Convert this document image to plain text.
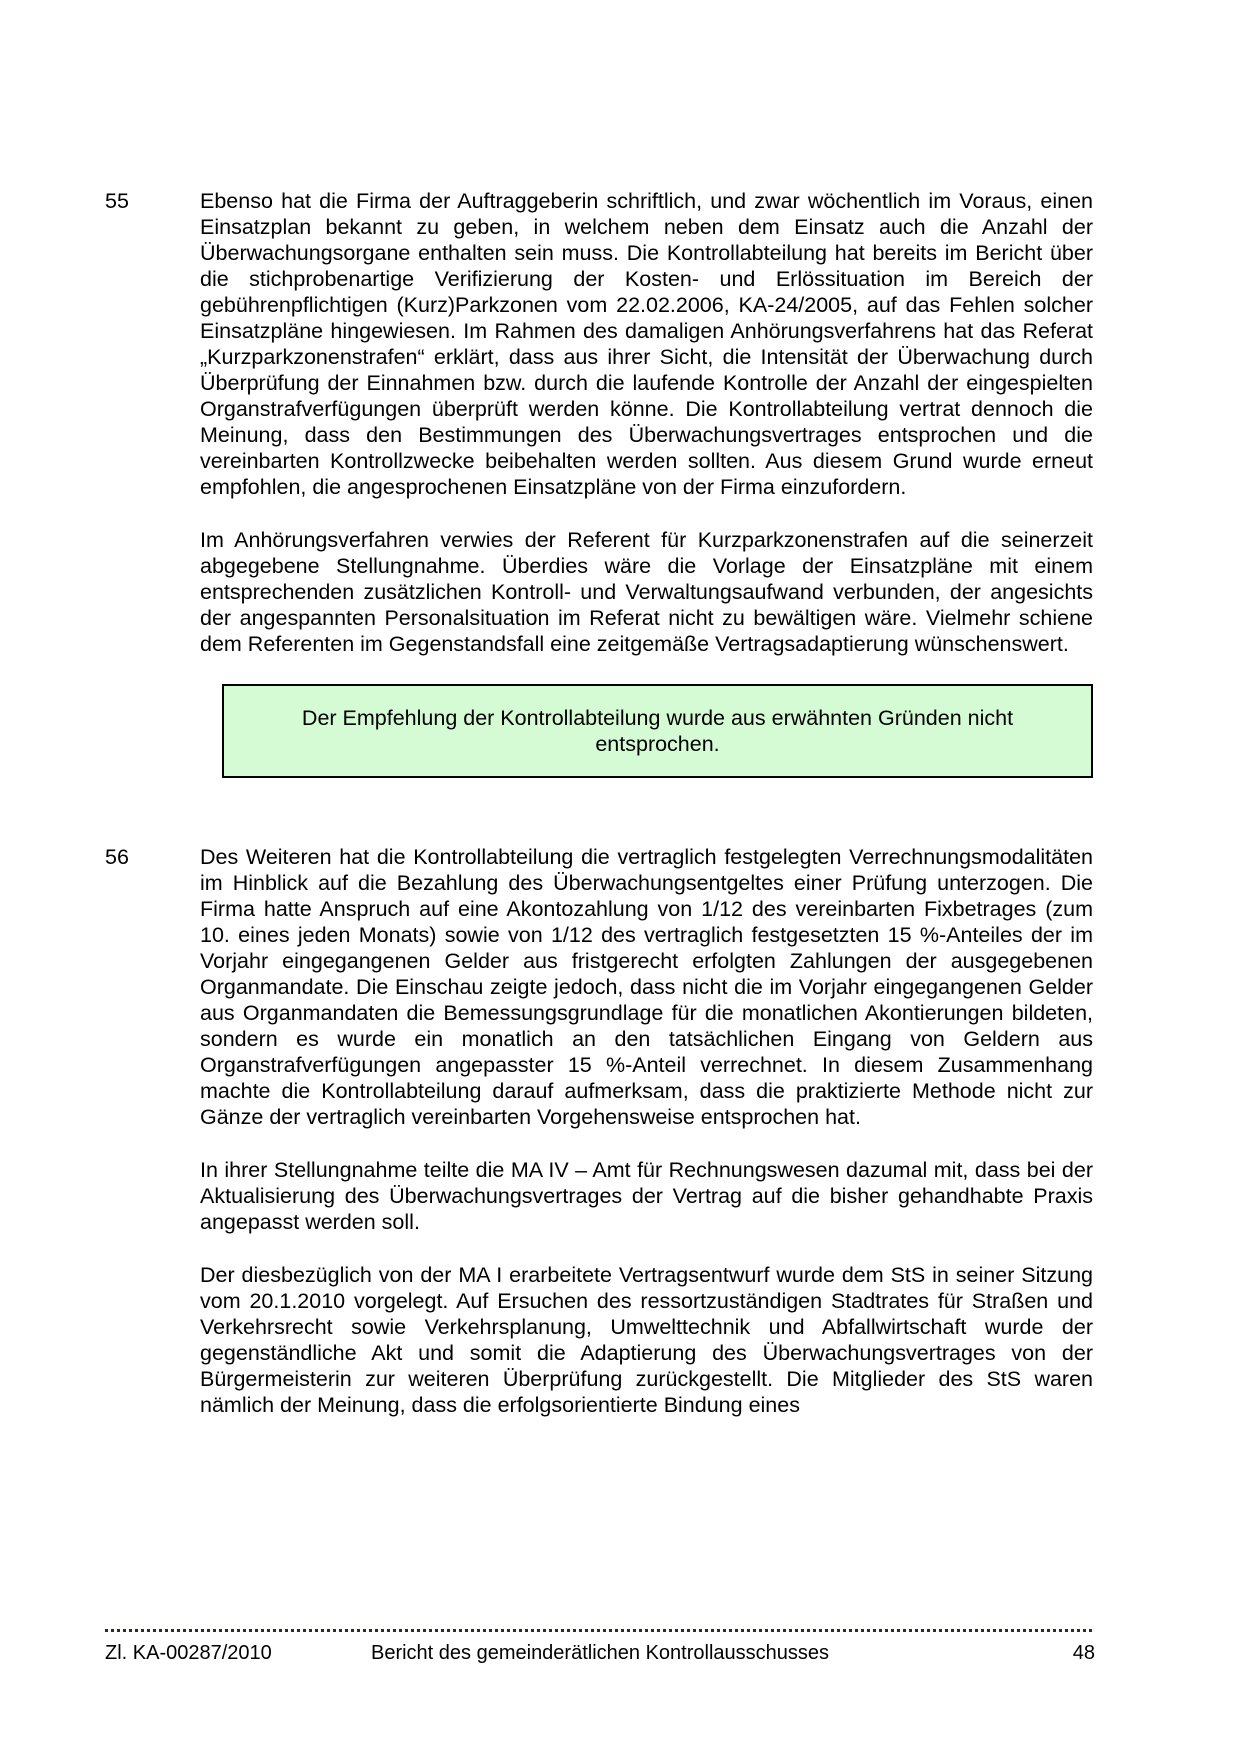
55	Ebenso hat die Firma der Auftraggeberin schriftlich, und zwar wöchentlich im Voraus, einen Einsatzplan bekannt zu geben, in welchem neben dem Einsatz auch die Anzahl der Überwachungsorgane enthalten sein muss. Die Kontrollabteilung hat bereits im Bericht über die stichprobenartige Verifizierung der Kosten- und Erlössituation im Bereich der gebührenpflichtigen (Kurz)Parkzonen vom 22.02.2006, KA-24/2005, auf das Fehlen solcher Einsatzpläne hingewiesen. Im Rahmen des damaligen Anhörungsverfahrens hat das Referat „Kurzparkzonenstrafen“ erklärt, dass aus ihrer Sicht, die Intensität der Überwachung durch Überprüfung der Einnahmen bzw. durch die laufende Kontrolle der Anzahl der eingespielten Organstrafverfügungen überprüft werden könne. Die Kontrollabteilung vertrat dennoch die Meinung, dass den Bestimmungen des Überwachungsvertrages entsprochen und die vereinbarten Kontrollzwecke beibehalten werden sollten. Aus diesem Grund wurde erneut empfohlen, die angesprochenen Einsatzpläne von der Firma einzufordern.

Im Anhörungsverfahren verwies der Referent für Kurzparkzonenstrafen auf die seinerzeit abgegebene Stellungnahme. Überdies wäre die Vorlage der Einsatzpläne mit einem entsprechenden zusätzlichen Kontroll- und Verwaltungsaufwand verbunden, der angesichts der angespannten Personalsituation im Referat nicht zu bewältigen wäre. Vielmehr schiene dem Referenten im Gegenstandsfall eine zeitgemäße Vertragsadaptierung wünschenswert.

Der Empfehlung der Kontrollabteilung wurde aus erwähnten Gründen nicht entsprochen.
56	Des Weiteren hat die Kontrollabteilung die vertraglich festgelegten Verrechnungsmodalitäten im Hinblick auf die Bezahlung des Überwachungsentgeltes einer Prüfung unterzogen. Die Firma hatte Anspruch auf eine Akontozahlung von 1/12 des vereinbarten Fixbetrages (zum 10. eines jeden Monats) sowie von 1/12 des vertraglich festgesetzten 15 %-Anteiles der im Vorjahr eingegangenen Gelder aus fristgerecht erfolgten Zahlungen der ausgegebenen Organmandate. Die Einschau zeigte jedoch, dass nicht die im Vorjahr eingegangenen Gelder aus Organmandaten die Bemessungsgrundlage für die monatlichen Akontierungen bildeten, sondern es wurde ein monatlich an den tatsächlichen Eingang von Geldern aus Organstrafverfügungen angepasster 15 %-Anteil verrechnet. In diesem Zusammenhang machte die Kontrollabteilung darauf aufmerksam, dass die praktizierte Methode nicht zur Gänze der vertraglich vereinbarten Vorgehensweise entsprochen hat.

In ihrer Stellungnahme teilte die MA IV – Amt für Rechnungswesen dazumal mit, dass bei der Aktualisierung des Überwachungsvertrages der Vertrag auf die bisher gehandhabte Praxis angepasst werden soll.

Der diesbezüglich von der MA I erarbeitete Vertragsentwurf wurde dem StS in seiner Sitzung vom 20.1.2010 vorgelegt. Auf Ersuchen des ressortzuständigen Stadtrates für Straßen und Verkehrsrecht sowie Verkehrsplanung, Umwelttechnik und Abfallwirtschaft wurde der gegenständliche Akt und somit die Adaptierung des Überwachungsvertrages von der Bürgermeisterin zur weiteren Überprüfung zurückgestellt. Die Mitglieder des StS waren nämlich der Meinung, dass die erfolgsorientierte Bindung eines

Zl. KA-00287/2010	Bericht des gemeinderätlichen Kontrollausschusses	48
